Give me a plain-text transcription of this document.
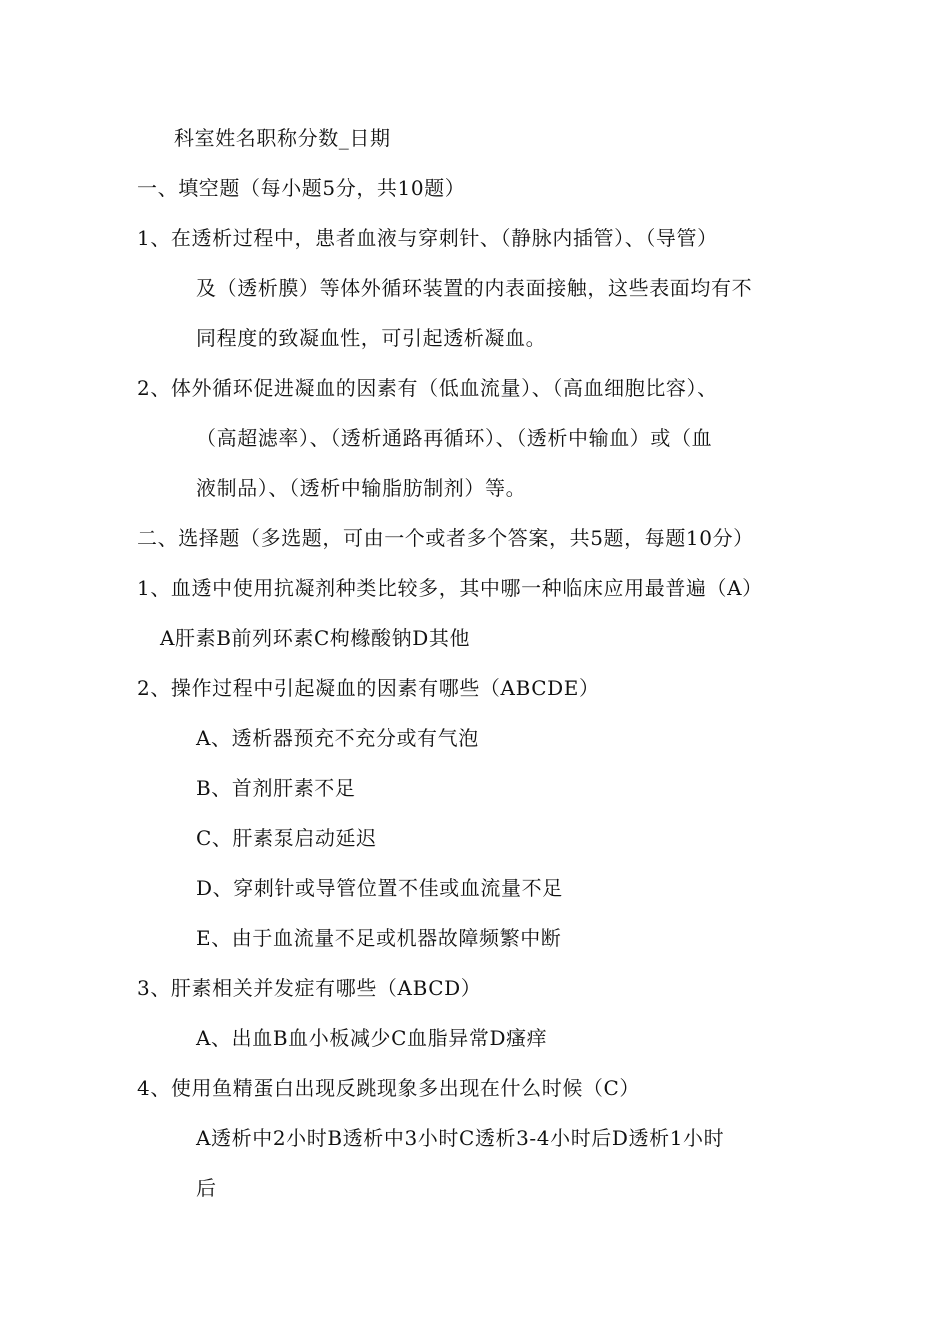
科室姓名职称分数_日期
一、填空题（每小题5分，共10题）
1、在透析过程中，患者血液与穿刺针、（静脉内插管）、（导管）
及（透析膜）等体外循环装置的内表面接触，这些表面均有不
同程度的致凝血性，可引起透析凝血。
2、体外循环促进凝血的因素有（低血流量）、（高血细胞比容）、
（高超滤率）、（透析通路再循环）、（透析中输血）或（血
液制品）、（透析中输脂肪制剂）等。
二、选择题（多选题，可由一个或者多个答案，共5题，每题10分）
1、血透中使用抗凝剂种类比较多，其中哪一种临床应用最普遍（A）
A肝素B前列环素C枸橼酸钠D其他
2、操作过程中引起凝血的因素有哪些（ABCDE）
A、透析器预充不充分或有气泡
B、首剂肝素不足
C、肝素泵启动延迟
D、穿刺针或导管位置不佳或血流量不足
E、由于血流量不足或机器故障频繁中断
3、肝素相关并发症有哪些（ABCD）
A、出血B血小板减少C血脂异常D瘙痒
4、使用鱼精蛋白出现反跳现象多出现在什么时候（C）
A透析中2小时B透析中3小时C透析3-4小时后D透析1小时
后
